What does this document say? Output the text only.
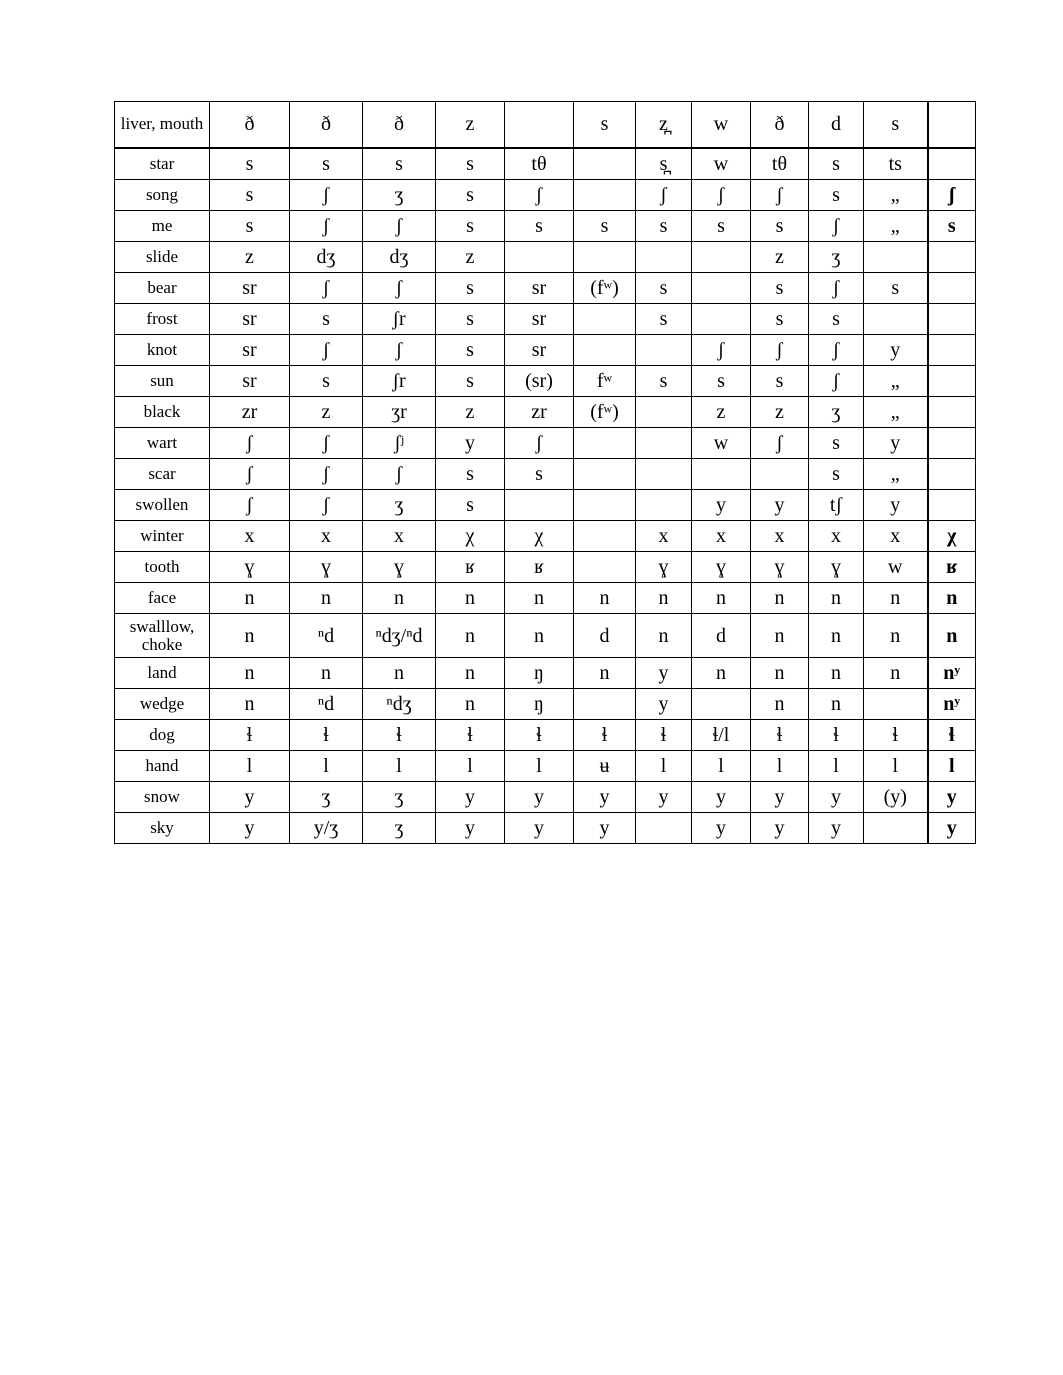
liver, mouth	ð	ð	ð	z		s	z̪	w	ð	d	s	
star	s	s	s	s	tθ		s̪	w	tθ	s	ts	
song	s	ʃ	ʒ	s	ʃ		ʃ	ʃ	ʃ	s	„	ʃ
me	s	ʃ	ʃ	s	s	s	s	s	s	ʃ	„	s
slide	z	dʒ	dʒ	z					z	ʒ		
bear	sr	ʃ	ʃ	s	sr	(fʷ)	s		s	ʃ	s	
frost	sr	s	ʃr	s	sr		s		s	s		
knot	sr	ʃ	ʃ	s	sr			ʃ	ʃ	ʃ	y	
sun	sr	s	ʃr	s	(sr)	fʷ	s	s	s	ʃ	„	
black	zr	z	ʒr	z	zr	(fʷ)		z	z	ʒ	„	
wart	ʃ	ʃ	ʃʲ	y	ʃ			w	ʃ	s	y	
scar	ʃ	ʃ	ʃ	s	s					s	„	
swollen	ʃ	ʃ	ʒ	s				y	y	tʃ	y	
winter	x	x	x	χ	χ		x	x	x	x	x	χ
tooth	ɣ	ɣ	ɣ	ʁ	ʁ		ɣ	ɣ	ɣ	ɣ	w	ʁ
face	n	n	n	n	n	n	n	n	n	n	n	n
swalllow, choke	n	ⁿd	ⁿdʒ/ⁿd	n	n	d	n	d	n	n	n	n
land	n	n	n	n	ŋ	n	y	n	n	n	n	nʸ
wedge	n	ⁿd	ⁿdʒ	n	ŋ		y		n	n		nʸ
dog	ɬ	ɬ	ɬ	ɬ	ɬ	ɬ	ɬ	ɬ/l	ɬ	ɬ	ɬ	ɬ
hand	l	l	l	l	l	ʉ	l	l	l	l	l	l
snow	y	ʒ	ʒ	y	y	y	y	y	y	y	(y)	y
sky	y	y/ʒ	ʒ	y	y	y		y	y	y		y
